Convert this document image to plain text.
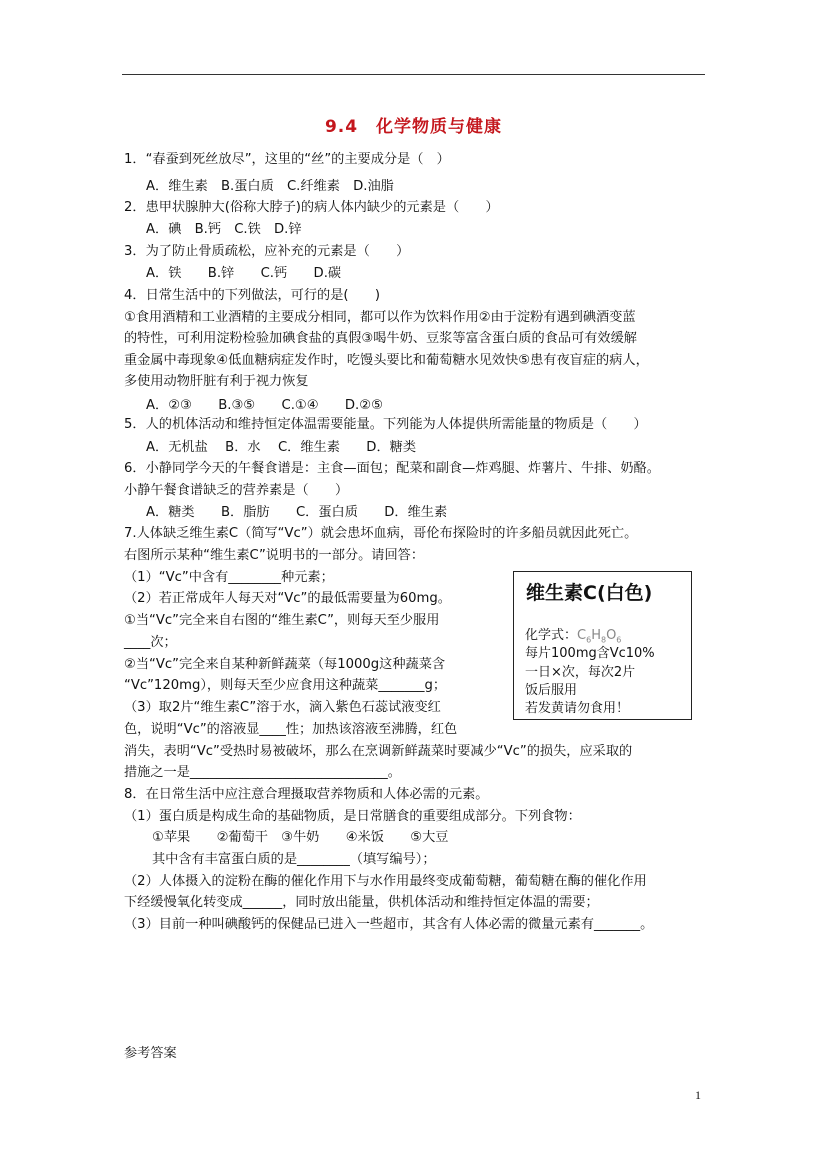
9.4　化学物质与健康
1．“春蚕到死丝放尽”，这里的“丝”的主要成分是（　）
A．维生素　B.蛋白质　C.纤维素　D.油脂
2．患甲状腺肿大(俗称大脖子)的病人体内缺少的元素是（　　）
A．碘　B.钙　C.铁　D.锌
3．为了防止骨质疏松，应补充的元素是（　　）
A．铁　　B.锌　　C.钙　　D.碳
4．日常生活中的下列做法，可行的是(　　)
①食用酒精和工业酒精的主要成分相同，都可以作为饮料作用②由于淀粉有遇到碘酒变蓝
的特性，可利用淀粉检验加碘食盐的真假③喝牛奶、豆浆等富含蛋白质的食品可有效缓解
重金属中毒现象④低血糖病症发作时，吃馒头要比和葡萄糖水见效快⑤患有夜盲症的病人，
多使用动物肝脏有利于视力恢复
A．②③　　B.③⑤　　C.①④　　D.②⑤
5．人的机体活动和维持恒定体温需要能量。下列能为人体提供所需能量的物质是（　　）
A．无机盐　 B．水　 C．维生素　　D．糖类
6．小静同学今天的午餐食谱是：主食—面包；配菜和副食—炸鸡腿、炸薯片、牛排、奶酪。
小静午餐食谱缺乏的营养素是（　　）
A．糖类　　B．脂肪　　C．蛋白质　　D．维生素
7.人体缺乏维生素C（简写“Vc”）就会患坏血病，哥伦布探险时的许多船员就因此死亡。
右图所示某种“维生素C”说明书的一部分。请回答：
（1）“Vc”中含有________种元素；
（2）若正常成年人每天对“Vc”的最低需要量为60mg。
①当“Vc”完全来自右图的“维生素C”，则每天至少服用
____次；
②当“Vc”完全来自某种新鲜蔬菜（每1000g这种蔬菜含
“Vc”120mg），则每天至少应食用这种蔬菜_______g；
（3）取2片“维生素C”溶于水，滴入紫色石蕊试液变红
色，说明“Vc”的溶液显____性；加热该溶液至沸腾，红色
消失，表明“Vc”受热时易被破坏，那么在烹调新鲜蔬菜时要减少“Vc”的损失，应采取的
措施之一是______________________________。
8．在日常生活中应注意合理摄取营养物质和人体必需的元素。
（1）蛋白质是构成生命的基础物质，是日常膳食的重要组成部分。下列食物：
①苹果　　②葡萄干　③牛奶　　④米饭　　⑤大豆
其中含有丰富蛋白质的是________（填写编号）；
（2）人体摄入的淀粉在酶的催化作用下与水作用最终变成葡萄糖，葡萄糖在酶的催化作用
下经缓慢氧化转变成______，同时放出能量，供机体活动和维持恒定体温的需要；
（3）目前一种叫碘酸钙的保健品已进入一些超市，其含有人体必需的微量元素有_______。
参考答案
维生素C(白色)
化学式：$C_6H_8O_6$
每片100mg含Vc10%
一日×次，每次2片
饭后服用
若发黄请勿食用！
1
